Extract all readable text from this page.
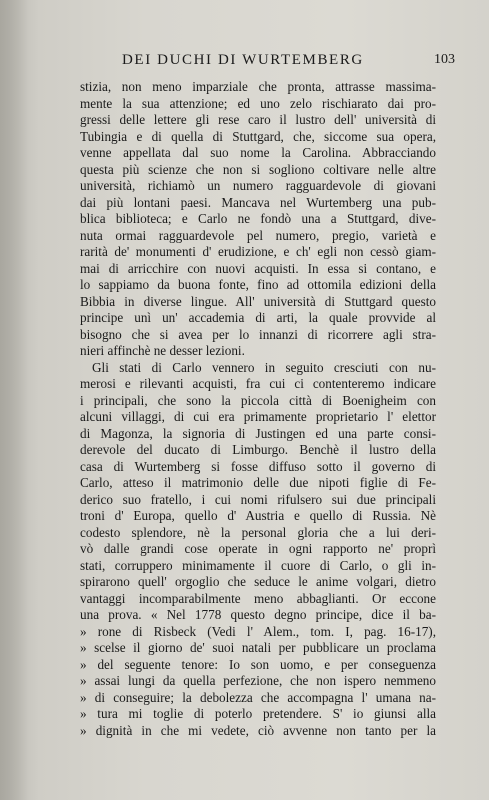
DEI DUCHI DI WURTEMBERG	103
stizia, non meno imparziale che pronta, attrasse massima-
mente la sua attenzione; ed uno zelo rischiarato dai pro-
gressi delle lettere gli rese caro il lustro dell' università di
Tubingia e di quella di Stuttgard, che, siccome sua opera,
venne appellata dal suo nome la Carolina. Abbracciando
questa più scienze che non si sogliono coltivare nelle altre
università, richiamò un numero ragguardevole di giovani
dai più lontani paesi. Mancava nel Wurtemberg una pub-
blica biblioteca; e Carlo ne fondò una a Stuttgard, dive-
nuta ormai ragguardevole pel numero, pregio, varietà e
rarità de' monumenti d' erudizione, e ch' egli non cessò giam-
mai di arricchire con nuovi acquisti. In essa si contano, e
lo sappiamo da buona fonte, fino ad ottomila edizioni della
Bibbia in diverse lingue. All' università di Stuttgard questo
principe unì un' accademia di arti, la quale provvide al
bisogno che si avea per lo innanzi di ricorrere agli stra-
nieri affinchè ne desser lezioni.
Gli stati di Carlo vennero in seguito cresciuti con nu-
merosi e rilevanti acquisti, fra cui ci contenteremo indicare
i principali, che sono la piccola città di Boenigheim con
alcuni villaggi, di cui era primamente proprietario l' elettor
di Magonza, la signoria di Justingen ed una parte consi-
derevole del ducato di Limburgo. Benchè il lustro della
casa di Wurtemberg si fosse diffuso sotto il governo di
Carlo, atteso il matrimonio delle due nipoti figlie di Fe-
derico suo fratello, i cui nomi rifulsero sui due principali
troni d' Europa, quello d' Austria e quello di Russia. Nè
codesto splendore, nè la personal gloria che a lui deri-
vò dalle grandi cose operate in ogni rapporto ne' proprì
stati, corruppero minimamente il cuore di Carlo, o gli in-
spirarono quell' orgoglio che seduce le anime volgari, dietro
vantaggi incomparabilmente meno abbaglianti. Or eccone
una prova. « Nel 1778 questo degno principe, dice il ba-
» rone di Risbeck (Vedi l' Alem., tom. I, pag. 16-17),
» scelse il giorno de' suoi natali per pubblicare un proclama
» del seguente tenore: Io son uomo, e per conseguenza
» assai lungi da quella perfezione, che non ispero nemmeno
» di conseguire; la debolezza che accompagna l' umana na-
» tura mi toglie di poterlo pretendere. S' io giunsi alla
» dignità in che mi vedete, ciò avvenne non tanto per la
